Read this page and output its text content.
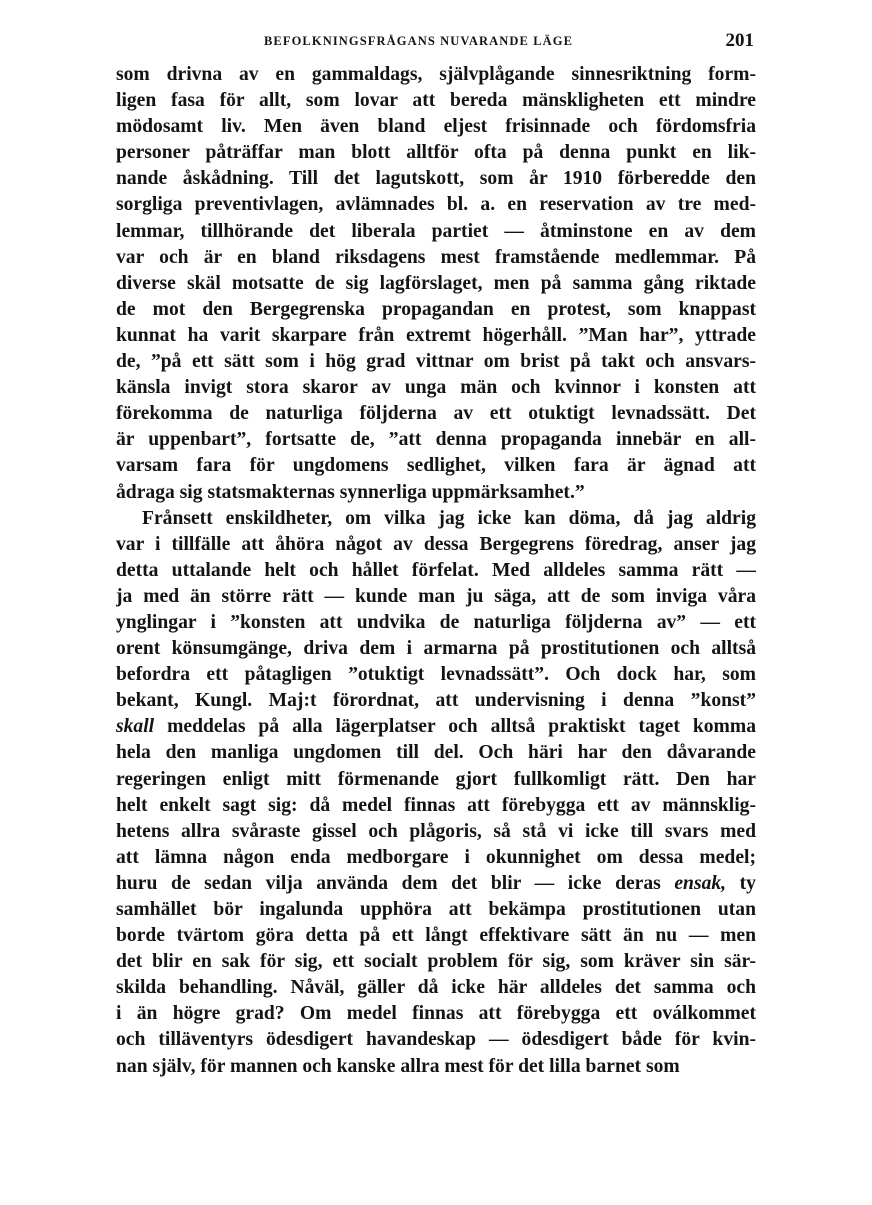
BEFOLKNINGSFRÅGANS NUVARANDE LÄGE	201
som drivna av en gammaldags, självplågande sinnesriktning form-
ligen fasa för allt, som lovar att bereda mänskligheten ett mindre
mödosamt liv. Men även bland eljest frisinnade och fördomsfria
personer påträffar man blott alltför ofta på denna punkt en lik-
nande åskådning. Till det lagutskott, som år 1910 förberedde den
sorgliga preventivlagen, avlämnades bl. a. en reservation av tre med-
lemmar, tillhörande det liberala partiet — åtminstone en av dem
var och är en bland riksdagens mest framstående medlemmar. På
diverse skäl motsatte de sig lagförslaget, men på samma gång riktade
de mot den Bergegrenska propagandan en protest, som knappast
kunnat ha varit skarpare från extremt högerhåll. ”Man har”, yttrade
de, ”på ett sätt som i hög grad vittnar om brist på takt och ansvars-
känsla invigt stora skaror av unga män och kvinnor i konsten att
förekomma de naturliga följderna av ett otuktigt levnadssätt. Det
är uppenbart”, fortsatte de, ”att denna propaganda innebär en all-
varsam fara för ungdomens sedlighet, vilken fara är ägnad att
ådraga sig statsmakternas synnerliga uppmärksamhet.”
Frånsett enskildheter, om vilka jag icke kan döma, då jag aldrig
var i tillfälle att åhöra något av dessa Bergegrens föredrag, anser jag
detta uttalande helt och hållet förfelat. Med alldeles samma rätt —
ja med än större rätt — kunde man ju säga, att de som inviga våra
ynglingar i ”konsten att undvika de naturliga följderna av” — ett
orent könsumgänge, driva dem i armarna på prostitutionen och alltså
befordra ett påtagligen ”otuktigt levnadssätt”. Och dock har, som
bekant, Kungl. Maj:t förordnat, att undervisning i denna ”konst”
skall meddelas på alla lägerplatser och alltså praktiskt taget komma
hela den manliga ungdomen till del. Och häri har den dåvarande
regeringen enligt mitt förmenande gjort fullkomligt rätt. Den har
helt enkelt sagt sig: då medel finnas att förebygga ett av männsklig-
hetens allra svåraste gissel och plågoris, så stå vi icke till svars med
att lämna någon enda medborgare i okunnighet om dessa medel;
huru de sedan vilja använda dem det blir — icke deras ensak, ty
samhället bör ingalunda upphöra att bekämpa prostitutionen utan
borde tvärtom göra detta på ett långt effektivare sätt än nu — men
det blir en sak för sig, ett socialt problem för sig, som kräver sin sär-
skilda behandling. Nåväl, gäller då icke här alldeles det samma och
i än högre grad? Om medel finnas att förebygga ett oválkommet
och tilläventyrs ödesdigert havandeskap — ödesdigert både för kvin-
nan själv, för mannen och kanske allra mest för det lilla barnet som
